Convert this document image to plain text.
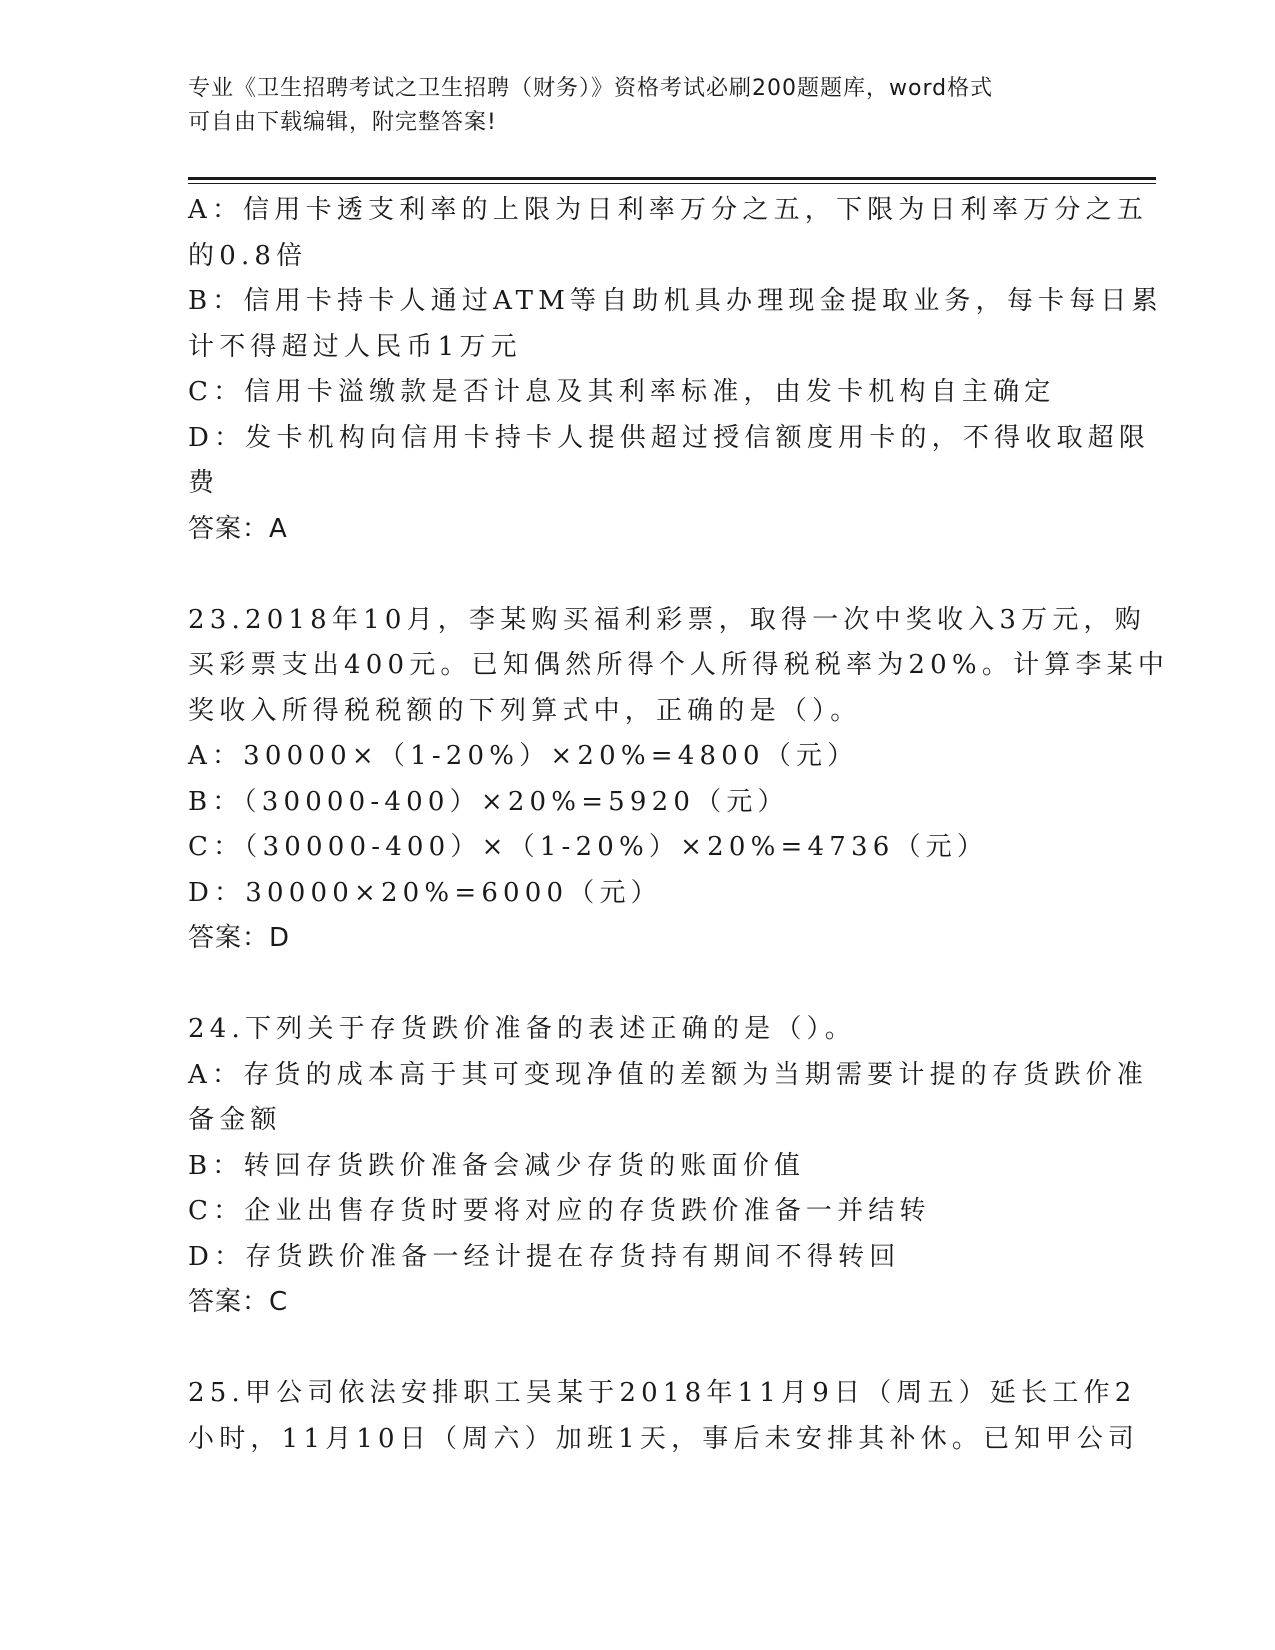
专业《卫生招聘考试之卫生招聘（财务）》资格考试必刷200题题库，word格式
可自由下载编辑，附完整答案!
A：信用卡透支利率的上限为日利率万分之五，下限为日利率万分之五
的0.8倍
B：信用卡持卡人通过ATM等自助机具办理现金提取业务，每卡每日累
计不得超过人民币1万元
C：信用卡溢缴款是否计息及其利率标准，由发卡机构自主确定
D：发卡机构向信用卡持卡人提供超过授信额度用卡的，不得收取超限
费
答案：A
23.2018年10月，李某购买福利彩票，取得一次中奖收入3万元，购
买彩票支出400元。已知偶然所得个人所得税税率为20%。计算李某中
奖收入所得税税额的下列算式中，正确的是（）。
A：30000×（1-20%）×20%=4800（元）
B：（30000-400）×20%=5920（元）
C：（30000-400）×（1-20%）×20%=4736（元）
D：30000×20%=6000（元）
答案：D
24.下列关于存货跌价准备的表述正确的是（）。
A：存货的成本高于其可变现净值的差额为当期需要计提的存货跌价准
备金额
B：转回存货跌价准备会减少存货的账面价值
C：企业出售存货时要将对应的存货跌价准备一并结转
D：存货跌价准备一经计提在存货持有期间不得转回
答案：C
25.甲公司依法安排职工吴某于2018年11月9日（周五）延长工作2
小时，11月10日（周六）加班1天，事后未安排其补休。已知甲公司
